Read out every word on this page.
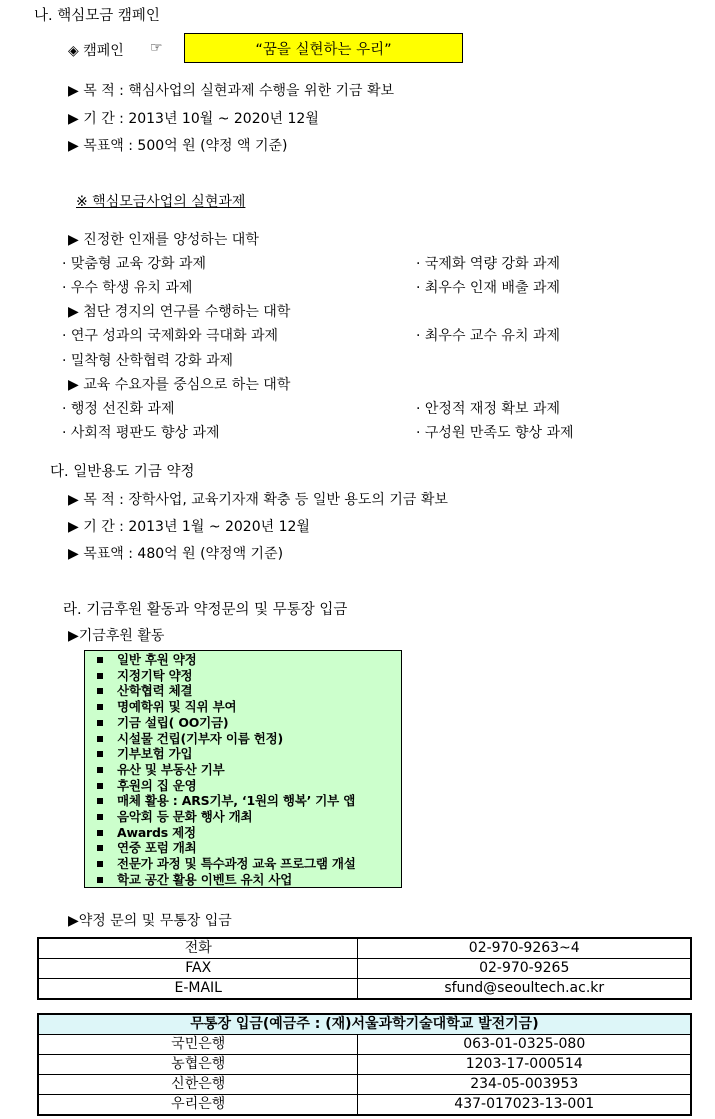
나. 핵심모금 캠페인
◈ 캠페인 ☞	“꿈을 실현하는 우리”
▶ 목 적 : 핵심사업의 실현과제 수행을 위한 기금 확보
▶ 기 간 : 2013년 10월 ~ 2020년 12월
▶ 목표액 : 500억 원 (약정 액 기준)
※ 핵심모금사업의 실현과제
▶ 진정한 인재를 양성하는 대학
· 맞춤형 교육 강화 과제	· 국제화 역량 강화 과제
· 우수 학생 유치 과제	· 최우수 인재 배출 과제
▶ 첨단 경지의 연구를 수행하는 대학
· 연구 성과의 국제화와 극대화 과제	· 최우수 교수 유치 과제
· 밀착형 산학협력 강화 과제
▶ 교육 수요자를 중심으로 하는 대학
· 행정 선진화 과제	· 안정적 재정 확보 과제
· 사회적 평판도 향상 과제	· 구성원 만족도 향상 과제
다. 일반용도 기금 약정
▶ 목 적 : 장학사업, 교육기자재 확충 등 일반 용도의 기금 확보
▶ 기 간 : 2013년 1월 ~ 2020년 12월
▶ 목표액 : 480억 원 (약정액 기준)
라. 기금후원 활동과 약정문의 및 무통장 입금
▶기금후원 활동
일반 후원 약정
지정기탁 약정
산학협력 체결
명예학위 및 직위 부여
기금 설립( OO기금)
시설물 건립(기부자 이름 헌정)
기부보험 가입
유산 및 부동산 기부
후원의 집 운영
매체 활용 : ARS기부, ‘1원의 행복’ 기부 앱
음악회 등 문화 행사 개최
Awards 제정
연중 포럼 개최
전문가 과정 및 특수과정 교육 프로그램 개설
학교 공간 활용 이벤트 유치 사업
▶약정 문의 및 무통장 입금
전화	02-970-9263~4
FAX	02-970-9265
E-MAIL	sfund@seoultech.ac.kr
무통장 입금(예금주 : (재)서울과학기술대학교 발전기금)	
국민은행	063-01-0325-080
농협은행	1203-17-000514
신한은행	234-05-003953
우리은행	437-017023-13-001
